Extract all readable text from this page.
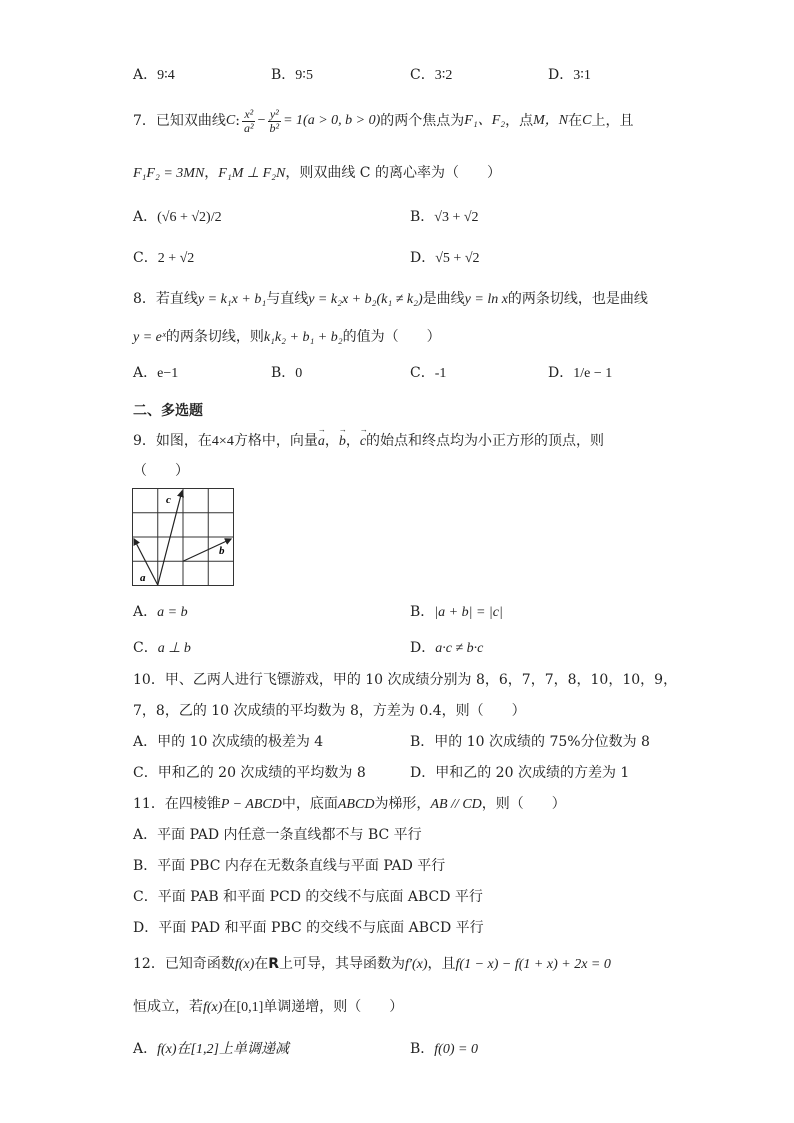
A．9∶4	B．9∶5	C．3∶2	D．3∶1
7． 已知双曲线 C : $\frac{\text{x²}}{\text{a²}} - \frac{\text{y²}}{\text{b²}} = 1(a > 0$, b > 0) 的两个焦点为 F₁、F₂ ，点 M，N 在 C 上，且
F₁F₂ = 3MN，F₁M ⊥ F₂N，则双曲线 C 的离心率为（　　）
A．(√6 + √2)/2	B．√3 + √2
C．2 + √2	D．√5 + √2
8．若直线y = k₁x + b₁与直线y = k₂x + b₂(k₁ ≠ k₂)是曲线y = ln x的两条切线，也是曲线
y = eˣ的两条切线，则k₁k₂ + b₁ + b₂的值为（　　）
A．e−1	B．0	C．-1	D．1/e − 1
二、多选题
9．如图，在4×4方格中，向量→ a，→ b，→ c的始点和终点均为小正方形的顶点，则
（　　）
a
b
c
A．a = b	B．|a + b| = |c|
C．a ⊥ b	D．a·c ≠ b·c
10．甲、乙两人进行飞镖游戏，甲的 10 次成绩分别为 8，6，7，7，8，10，10，9，
7，8，乙的 10 次成绩的平均数为 8，方差为 0.4，则（　　）
A．甲的 10 次成绩的极差为 4	B．甲的 10 次成绩的 75%分位数为 8
C．甲和乙的 20 次成绩的平均数为 8	D．甲和乙的 20 次成绩的方差为 1
11．在四棱锥P − ABCD中，底面ABCD为梯形，AB // CD，则（　　）
A．平面 PAD 内任意一条直线都不与 BC 平行
B．平面 PBC 内存在无数条直线与平面 PAD 平行
C．平面 PAB 和平面 PCD 的交线不与底面 ABCD 平行
D．平面 PAD 和平面 PBC 的交线不与底面 ABCD 平行
12．已知奇函数f(x)在R上可导，其导函数为f′(x)，且f(1 − x) − f(1 + x) + 2x = 0
恒成立，若f(x)在[0,1]单调递增，则（　　）
A．f(x)在[1,2]上单调递减	B．f(0) = 0
